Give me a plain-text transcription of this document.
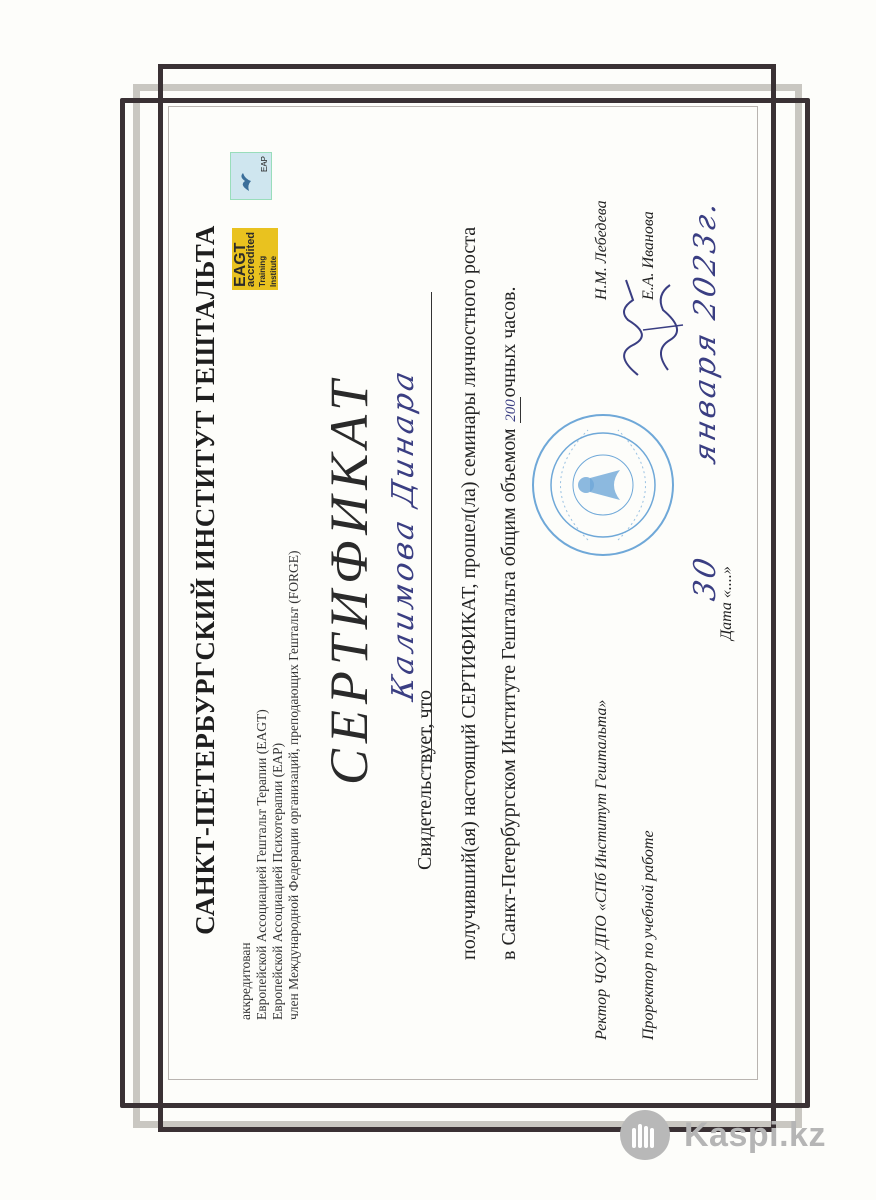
САНКТ-ПЕТЕРБУРГСКИЙ ИНСТИТУТ ГЕШТАЛЬТА
аккредитован Европейской Ассоциацией Гештальт Терапии (EAGT) Европейской Ассоциацией Психотерапии (EAP) член Международной Федерации организаций, преподающих Гештальт (FORGE)
EAGT
accredited
Training Institute
EAP
СЕРТИФИКАТ Свидетельствует, что
Калимова Динара получивший(ая) настоящий СЕРТИФИКАТ, прошел(ла) семинары личностного роста в Санкт-Петербургском Институте Гештальта общим объемом 200очных часов.
Ректор ЧОУ ДПО «СПб Институт Гештальта»
Н.М. Лебедева
Проректор по учебной работе
Е.А. Иванова
Дата «....»
30 января 2023г.
Kaspi.kz
